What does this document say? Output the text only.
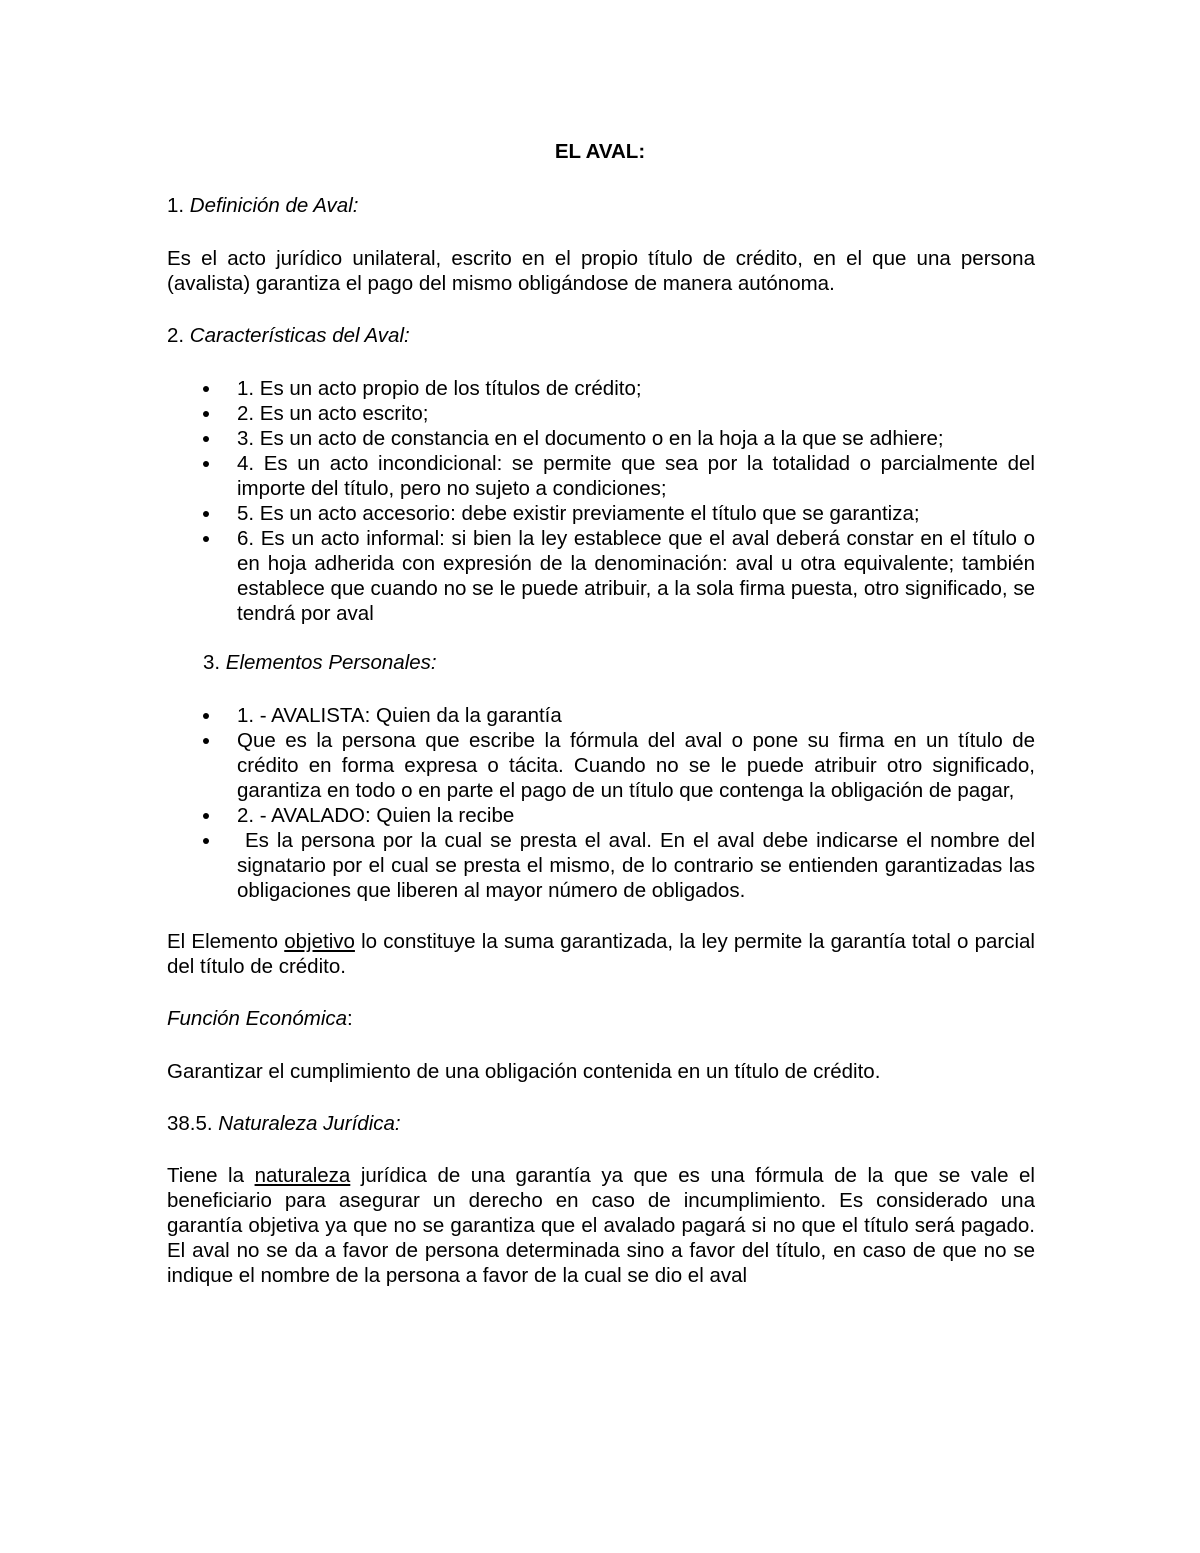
EL AVAL:

1. Definición de Aval:

Es el acto jurídico unilateral, escrito en el propio título de crédito, en el que una persona (avalista) garantiza el pago del mismo obligándose de manera autónoma.

2. Características del Aval:

1. Es un acto propio de los títulos de crédito;
2. Es un acto escrito;
3. Es un acto de constancia en el documento o en la hoja a la que se adhiere;
4. Es un acto incondicional: se permite que sea por la totalidad o parcialmente del importe del título, pero no sujeto a condiciones;
5. Es un acto accesorio: debe existir previamente el título que se garantiza;
6. Es un acto informal: si bien la ley establece que el aval deberá constar en el título o en hoja adherida con expresión de la denominación: aval u otra equivalente; también establece que cuando no se le puede atribuir, a la sola firma puesta, otro significado, se tendrá por aval

3. Elementos Personales:

1. - AVALISTA: Quien da la garantía
Que es la persona que escribe la fórmula del aval o pone su firma en un título de crédito en forma expresa o tácita. Cuando no se le puede atribuir otro significado, garantiza en todo o en parte el pago de un título que contenga la obligación de pagar,
2. - AVALADO: Quien la recibe
Es la persona por la cual se presta el aval. En el aval debe indicarse el nombre del signatario por el cual se presta el mismo, de lo contrario se entienden garantizadas las obligaciones que liberen al mayor número de obligados.

El Elemento objetivo lo constituye la suma garantizada, la ley permite la garantía total o parcial del título de crédito.

Función Económica:

Garantizar el cumplimiento de una obligación contenida en un título de crédito.

38.5. Naturaleza Jurídica:

Tiene la naturaleza jurídica de una garantía ya que es una fórmula de la que se vale el beneficiario para asegurar un derecho en caso de incumplimiento. Es considerado una garantía objetiva ya que no se garantiza que el avalado pagará si no que el título será pagado. El aval no se da a favor de persona determinada sino a favor del título, en caso de que no se indique el nombre de la persona a favor de la cual se dio el aval
